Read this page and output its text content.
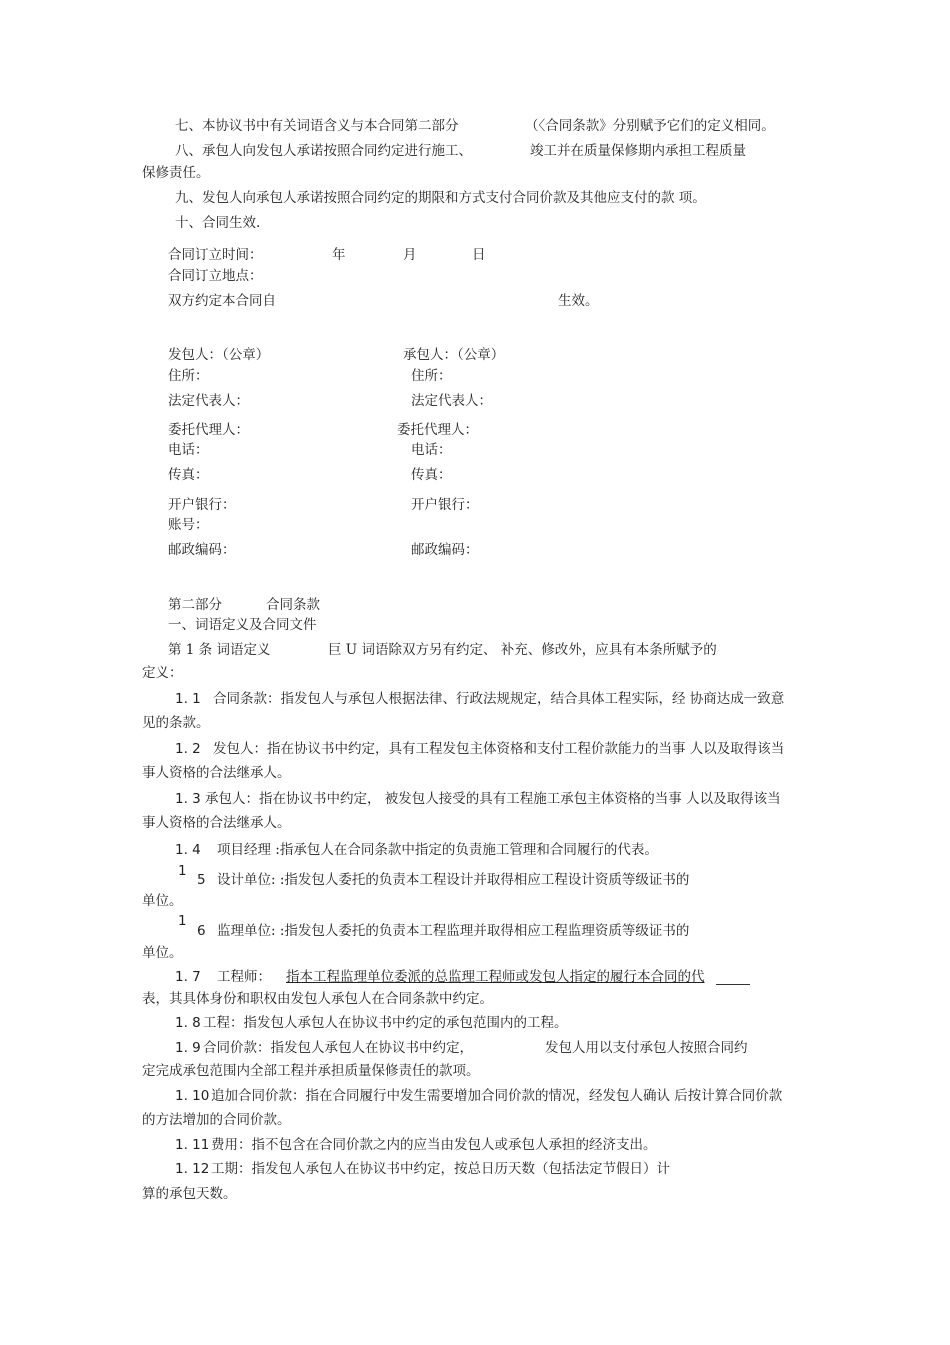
七、本协议书中有关词语含义与本合同第二部分	（〈合同条款》分别赋予它们的定义相同。
八、承包人向发包人承诺按照合同约定进行施工、	竣工并在质量保修期内承担工程质量
保修责任。
九、发包人向承包人承诺按照合同约定的期限和方式支付合同价款及其他应支付的款 项。
十、合同生效.
合同订立时间：	年	月	日
合同订立地点：
双方约定本合同自	生效。
发包人：（公章）	承包人：（公章）
住所：	住所：
法定代表人：	法定代表人：
委托代理人：	委托代理人：
电话：	电话：
传真：	传真：
开户银行：	开户银行：
账号：
邮政编码：	邮政编码：
第二部分	合同条款
一、词语定义及合同文件
第 1 条 词语定义	巨 U 词语除双方另有约定、 补充、修改外，应具有本条所赋予的
定义：
1. 1 合同条款：指发包人与承包人根据法律、行政法规规定，结合具体工程实际，经 协商达成一致意
见的条款。
1. 2 发包人：指在协议书中约定，具有工程发包主体资格和支付工程价款能力的当事 人以及取得该当
事人资格的合法继承人。
1. 3 承包人：指在协议书中约定， 被发包人接受的具有工程施工承包主体资格的当事 人以及取得该当
事人资格的合法继承人。
1. 4 项目经理 :指承包人在合同条款中指定的负责施工管理和合同履行的代表。
1
5 设计单位: :指发包人委托的负责本工程设计并取得相应工程设计资质等级证书的
单位。
1
6 监理单位: :指发包人委托的负责本工程监理并取得相应工程监理资质等级证书的
单位。
1. 7 工程师： 指本工程监理单位委派的总监理工程师或发包人指定的履行本合同的代
表，其具体身份和职权由发包人承包人在合同条款中约定。
1. 8 工程：指发包人承包人在协议书中约定的承包范围内的工程。
1. 9 合同价款：指发包人承包人在协议书中约定，	发包人用以支付承包人按照合同约
定完成承包范围内全部工程并承担质量保修责任的款项。
1. 10 追加合同价款：指在合同履行中发生需要增加合同价款的情况，经发包人确认 后按计算合同价款
的方法增加的合同价款。
1. 11 费用：指不包含在合同价款之内的应当由发包人或承包人承担的经济支出。
1. 12 工期：指发包人承包人在协议书中约定，按总日历天数（包括法定节假日）计
算的承包天数。
